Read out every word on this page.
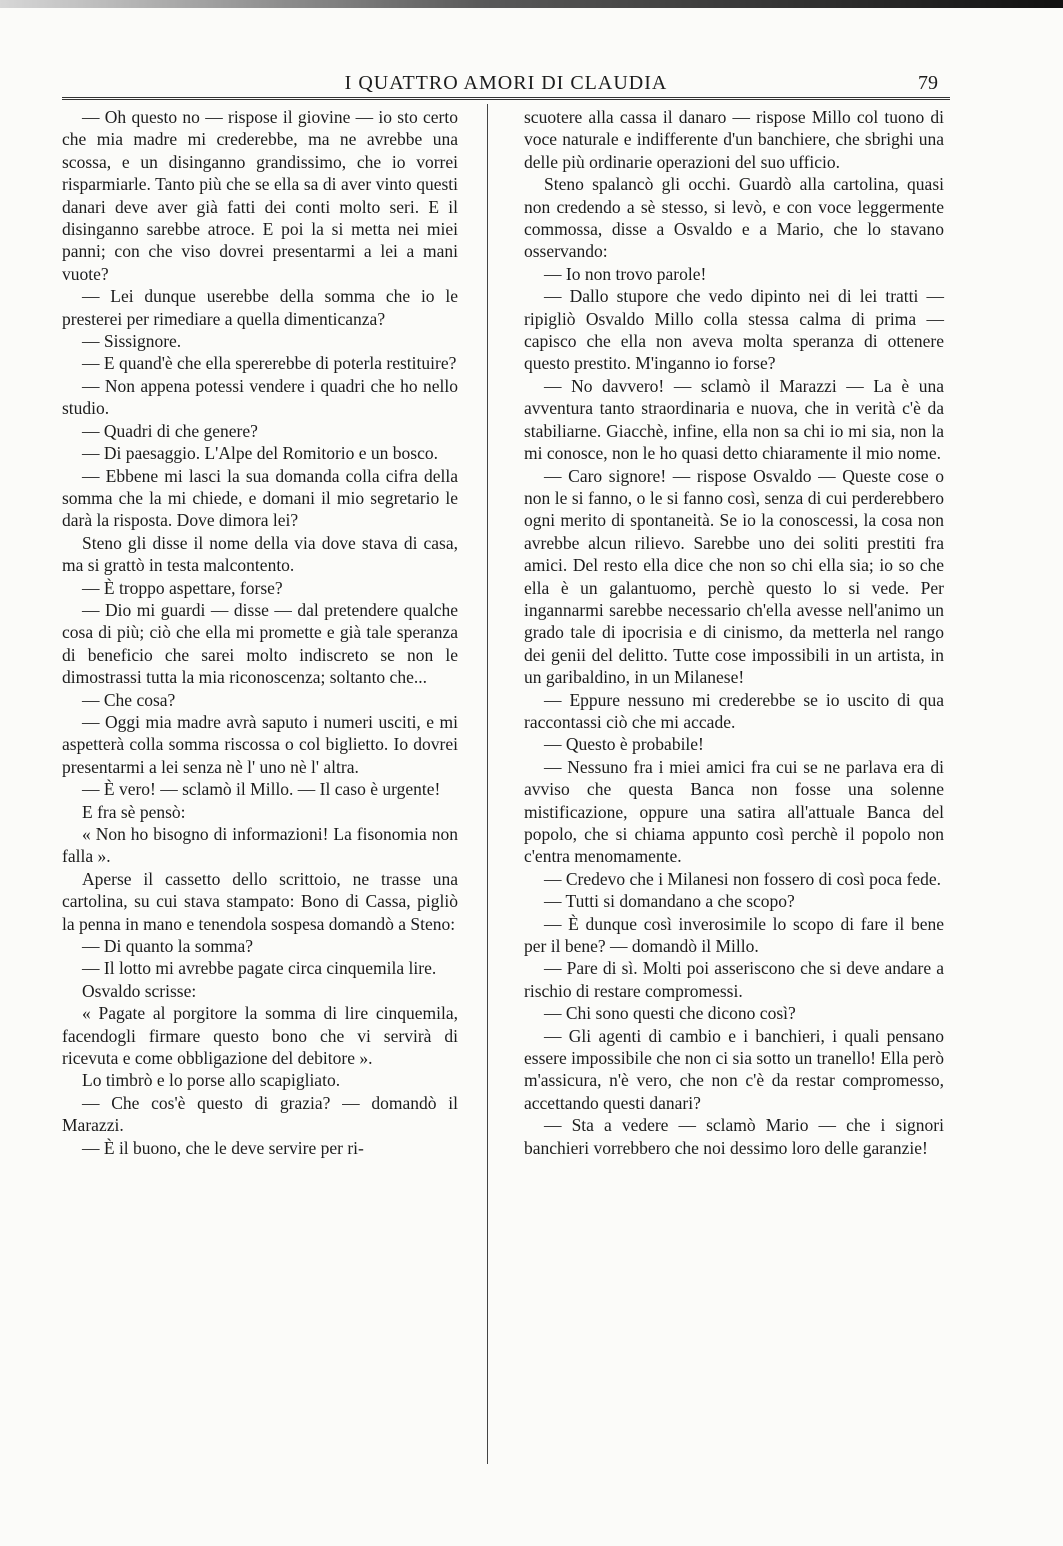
I QUATTRO AMORI DI CLAUDIA	79

— Oh questo no — rispose il giovine — io sto certo che mia madre mi crederebbe, ma ne avrebbe una scossa, e un disinganno grandissimo, che io vorrei risparmiarle. Tanto più che se ella sa di aver vinto questi danari deve aver già fatti dei conti molto seri. E il disinganno sarebbe atroce. E poi la si metta nei miei panni; con che viso dovrei presentarmi a lei a mani vuote?

— Lei dunque userebbe della somma che io le presterei per rimediare a quella dimenticanza?

— Sissignore.

— E quand'è che ella spererebbe di poterla restituire?

— Non appena potessi vendere i quadri che ho nello studio.

— Quadri di che genere?

— Di paesaggio. L'Alpe del Romitorio e un bosco.

— Ebbene mi lasci la sua domanda colla cifra della somma che la mi chiede, e domani il mio segretario le darà la risposta. Dove dimora lei?

Steno gli disse il nome della via dove stava di casa, ma si grattò in testa malcontento.

— È troppo aspettare, forse?

— Dio mi guardi — disse — dal pretendere qualche cosa di più; ciò che ella mi promette e già tale speranza di beneficio che sarei molto indiscreto se non le dimostrassi tutta la mia riconoscenza; soltanto che...

— Che cosa?

— Oggi mia madre avrà saputo i numeri usciti, e mi aspetterà colla somma riscossa o col biglietto. Io dovrei presentarmi a lei senza nè l' uno nè l' altra.

— È vero! — sclamò il Millo. — Il caso è urgente!

E fra sè pensò:

« Non ho bisogno di informazioni! La fisonomia non falla ».

Aperse il cassetto dello scrittoio, ne trasse una cartolina, su cui stava stampato: Bono di Cassa, pigliò la penna in mano e tenendola sospesa domandò a Steno:

— Di quanto la somma?

— Il lotto mi avrebbe pagate circa cinquemila lire.

Osvaldo scrisse:

« Pagate al porgitore la somma di lire cinquemila, facendogli firmare questo bono che vi servirà di ricevuta e come obbligazione del debitore ».

Lo timbrò e lo porse allo scapigliato.

— Che cos'è questo di grazia? — domandò il Marazzi.

— È il buono, che le deve servire per ri-

scuotere alla cassa il danaro — rispose Millo col tuono di voce naturale e indifferente d'un banchiere, che sbrighi una delle più ordinarie operazioni del suo ufficio.

Steno spalancò gli occhi. Guardò alla cartolina, quasi non credendo a sè stesso, si levò, e con voce leggermente commossa, disse a Osvaldo e a Mario, che lo stavano osservando:

— Io non trovo parole!

— Dallo stupore che vedo dipinto nei di lei tratti — ripigliò Osvaldo Millo colla stessa calma di prima — capisco che ella non aveva molta speranza di ottenere questo prestito. M'inganno io forse?

— No davvero! — sclamò il Marazzi — La è una avventura tanto straordinaria e nuova, che in verità c'è da stabiliarne. Giacchè, infine, ella non sa chi io mi sia, non la mi conosce, non le ho quasi detto chiaramente il mio nome.

— Caro signore! — rispose Osvaldo — Queste cose o non le si fanno, o le si fanno così, senza di cui perderebbero ogni merito di spontaneità. Se io la conoscessi, la cosa non avrebbe alcun rilievo. Sarebbe uno dei soliti prestiti fra amici. Del resto ella dice che non so chi ella sia; io so che ella è un galantuomo, perchè questo lo si vede. Per ingannarmi sarebbe necessario ch'ella avesse nell'animo un grado tale di ipocrisia e di cinismo, da metterla nel rango dei genii del delitto. Tutte cose impossibili in un artista, in un garibaldino, in un Milanese!

— Eppure nessuno mi crederebbe se io uscito di qua raccontassi ciò che mi accade.

— Questo è probabile!

— Nessuno fra i miei amici fra cui se ne parlava era di avviso che questa Banca non fosse una solenne mistificazione, oppure una satira all'attuale Banca del popolo, che si chiama appunto così perchè il popolo non c'entra menomamente.

— Credevo che i Milanesi non fossero di così poca fede.

— Tutti si domandano a che scopo?

— È dunque così inverosimile lo scopo di fare il bene per il bene? — domandò il Millo.

— Pare di sì. Molti poi asseriscono che si deve andare a rischio di restare compromessi.

— Chi sono questi che dicono così?

— Gli agenti di cambio e i banchieri, i quali pensano essere impossibile che non ci sia sotto un tranello! Ella però m'assicura, n'è vero, che non c'è da restar compromesso, accettando questi danari?

— Sta a vedere — sclamò Mario — che i signori banchieri vorrebbero che noi dessimo loro delle garanzie!
